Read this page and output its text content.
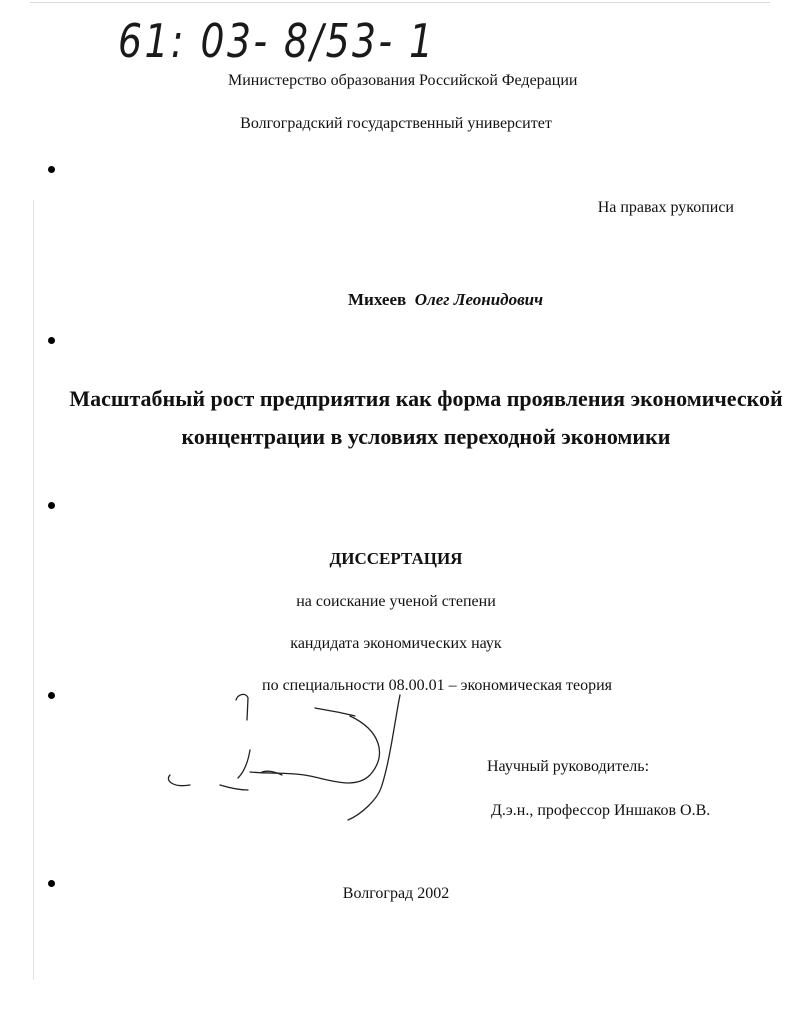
61: 03- 8/53- 1
Министерство образования Российской Федерации
Волгоградский государственный университет
На правах рукописи
Михеев Олег Леонидович
Масштабный рост предприятия как форма проявления экономической концентрации в условиях переходной экономики
ДИССЕРТАЦИЯ
на соискание ученой степени
кандидата экономических наук
по специальности 08.00.01 – экономическая теория
Научный руководитель:
Д.э.н., профессор Иншаков О.В.
Волгоград 2002
